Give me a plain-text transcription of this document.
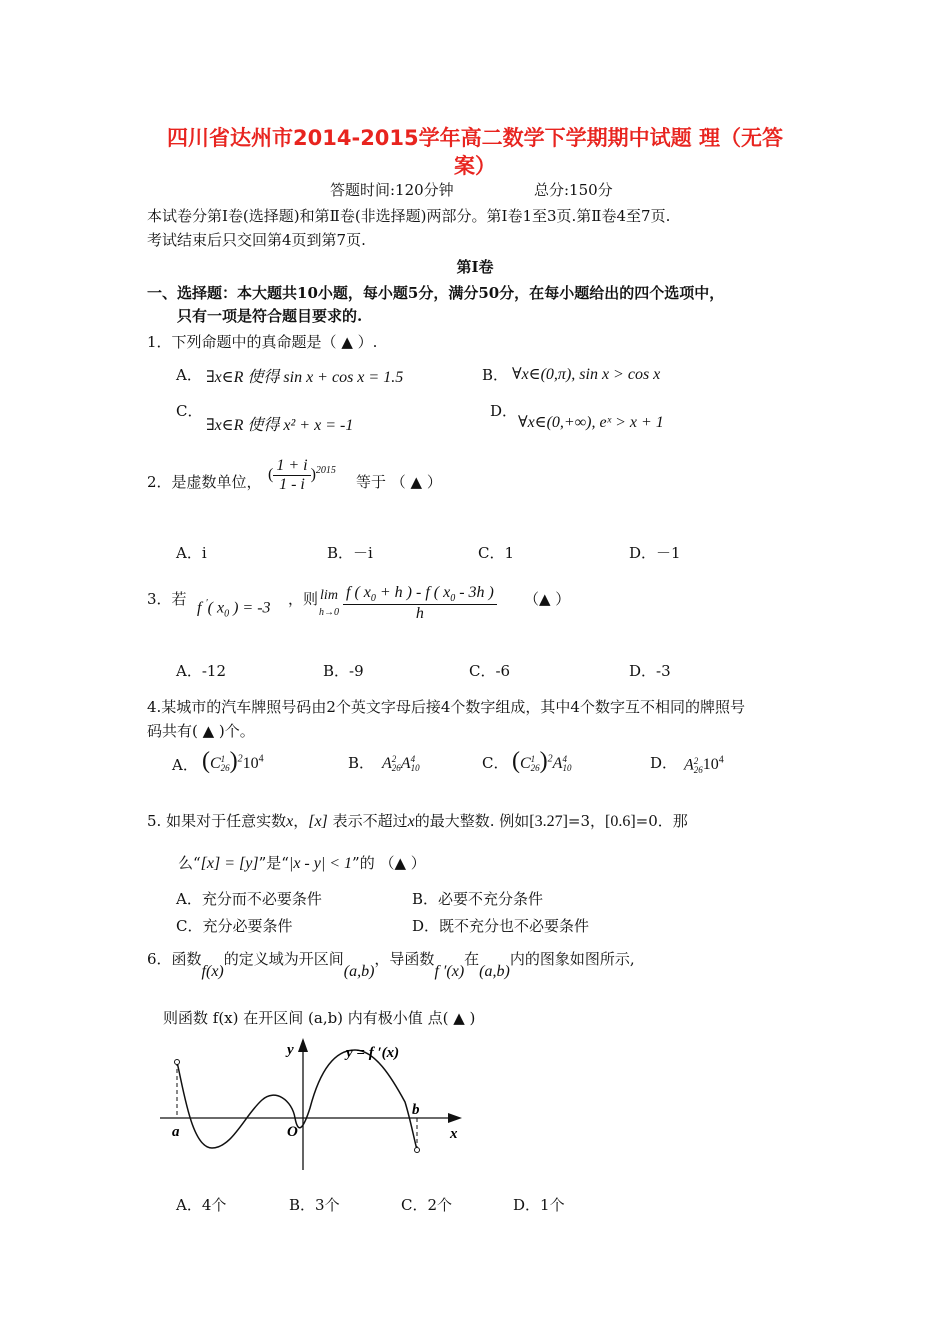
四川省达州市2014-2015学年高二数学下学期期中试题 理（无答
案）
答题时间:120分钟	总分:150分
本试卷分第Ⅰ卷(选择题)和第Ⅱ卷(非选择题)两部分。第Ⅰ卷1至3页.第Ⅱ卷4至7页.
考试结束后只交回第4页到第7页.
第Ⅰ卷
一、选择题：本大题共10小题，每小题5分，满分50分，在每小题给出的四个选项中，
只有一项是符合题目要求的.
1．下列命题中的真命题是（ ▲ ）.
A． ∃x∈R 使得 sin x + cos x = 1.5	B． ∀x∈(0,π), sin x > cos x
C．
∃x∈R 使得 x² + x = -1
D．
∀x∈(0,+∞), eˣ > x + 1
2．是虚数单位， ( $\frac{1 + i}{1 - i} )^{2015}$
等于 （ ▲ ）
A．i	B．－i	C．1	D．－1
3．若 f ′( $x_0$ ) = -3 ，则 lim
$h\to 0 \frac{f ( x_0 + h ) - f ( x_0 - 3h )}{h}$ （▲ ）
A．-12	B．-9	C．-6	D．-3
4.某城市的汽车牌照号码由2个英文字母后接4个数字组成，其中4个数字互不相同的牌照号
码共有( ▲ )个。
A． (C1
$26)^210^4$	B． A2
26A4
10	C． (C1
26)$^2$A4
10	D． A2
2610$^4$
5. 如果对于任意实数x，[x] 表示不超过x的最大整数. 例如[3.27]=3，[0.6]=0．那
么“[x] = [y]”是“|x - y| < 1”的 （▲ ）
A．充分而不必要条件	B．必要不充分条件
C．充分必要条件	D．既不充分也不必要条件
6．函数f(x)的定义域为开区间(a,b)，导函数f ′(x)在(a,b)内的图象如图所示,
则函数 f(x) 在开区间 (a,b) 内有极小值 点( ▲ )
y
x
O
a
b
y = f ′(x)
A．4个	B．3个	C．2个	D．1个
